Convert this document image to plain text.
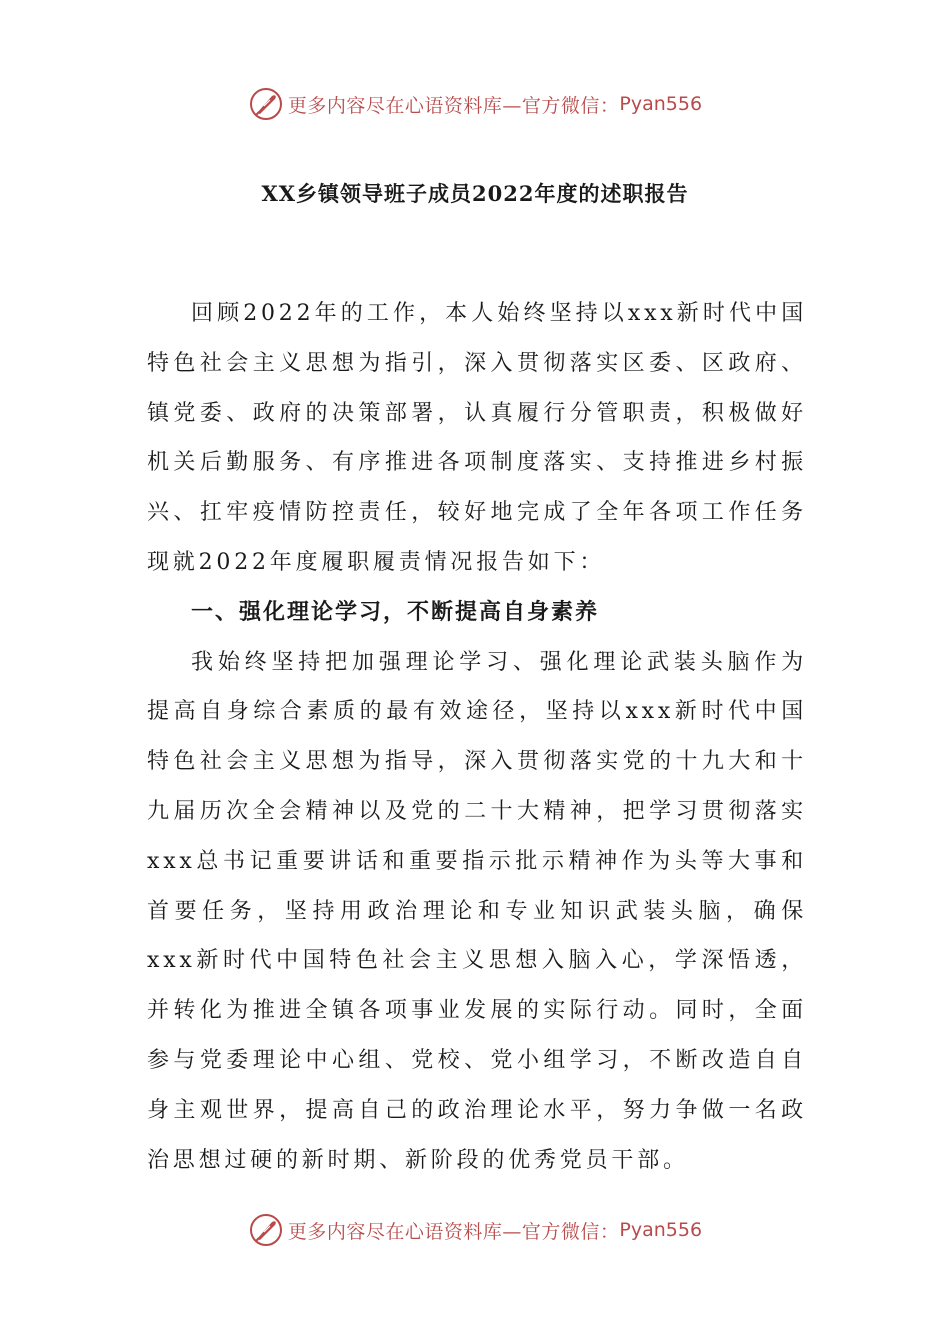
更多内容尽在心语资料库—官方微信： Pyan556
XX乡镇领导班子成员2022年度的述职报告

回顾2022年的工作，本人始终坚持以xxx新时代中国特色社会主义思想为指引，深入贯彻落实区委、区政府、镇党委、政府的决策部署，认真履行分管职责，积极做好机关后勤服务、有序推进各项制度落实、支持推进乡村振兴、扛牢疫情防控责任，较好地完成了全年各项工作任务现就2022年度履职履责情况报告如下：

一、强化理论学习，不断提高自身素养

我始终坚持把加强理论学习、强化理论武装头脑作为提高自身综合素质的最有效途径，坚持以xxx新时代中国特色社会主义思想为指导，深入贯彻落实党的十九大和十九届历次全会精神以及党的二十大精神，把学习贯彻落实xxx总书记重要讲话和重要指示批示精神作为头等大事和首要任务，坚持用政治理论和专业知识武装头脑，确保xxx新时代中国特色社会主义思想入脑入心，学深悟透，并转化为推进全镇各项事业发展的实际行动。同时，全面参与党委理论中心组、党校、党小组学习，不断改造自自身主观世界，提高自己的政治理论水平，努力争做一名政治思想过硬的新时期、新阶段的优秀党员干部。

更多内容尽在心语资料库—官方微信： Pyan556
